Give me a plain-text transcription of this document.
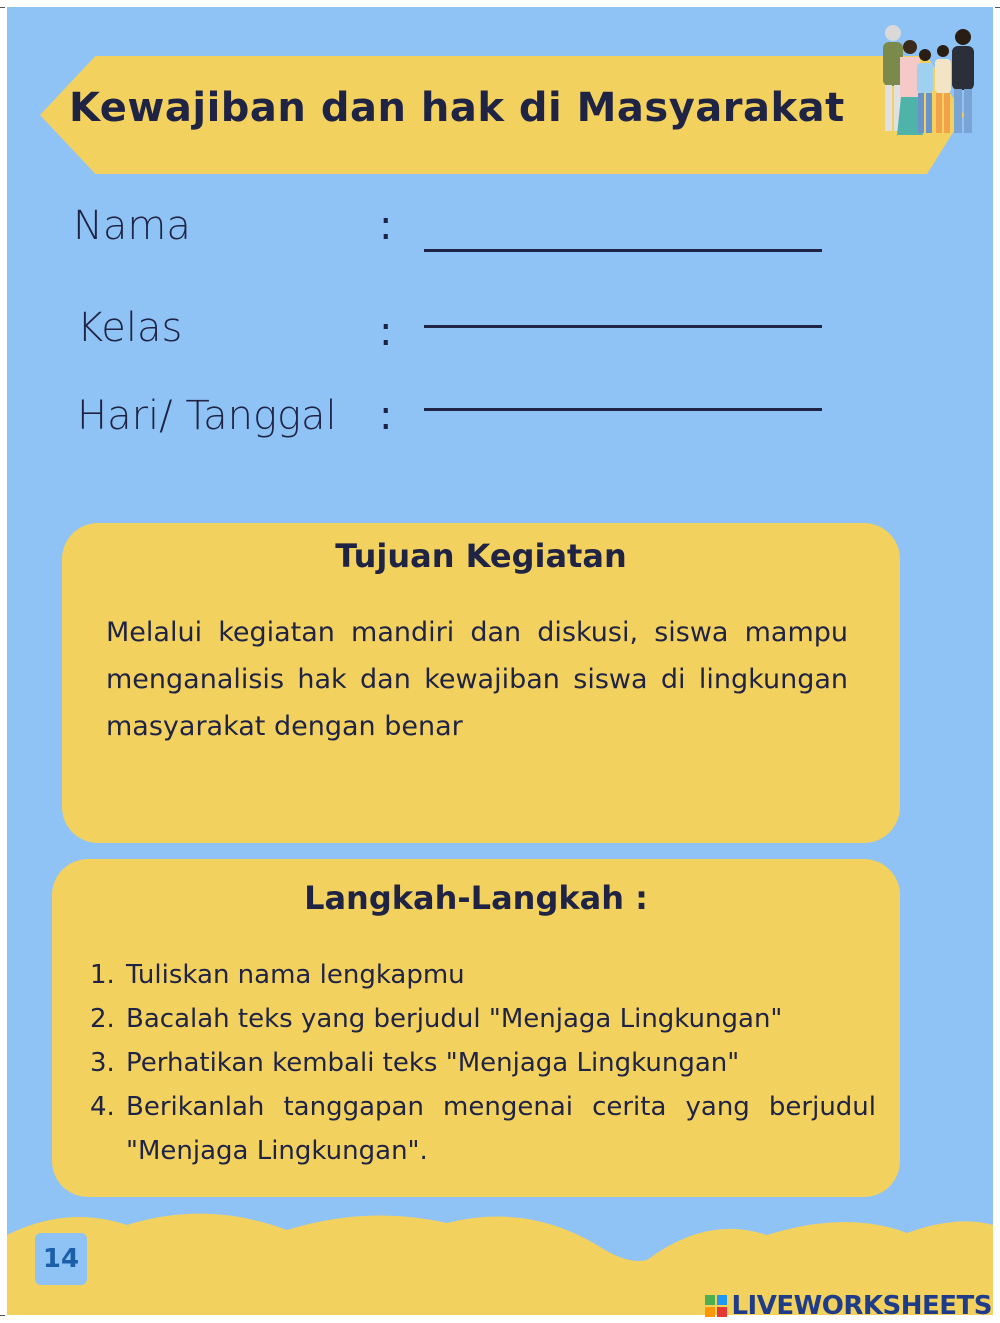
Kewajiban dan hak di Masyarakat
Nama	:
Kelas	:
Hari/ Tanggal :
Tujuan Kegiatan
Melalui kegiatan mandiri dan diskusi, siswa mampu menganalisis hak dan kewajiban siswa di lingkungan masyarakat dengan benar
Langkah-Langkah :
1. Tuliskan nama lengkapmu
2. Bacalah teks yang berjudul "Menjaga Lingkungan"
3. Perhatikan kembali teks "Menjaga Lingkungan"
4. Berikanlah tanggapan mengenai cerita yang berjudul "Menjaga Lingkungan".
14
LIVEWORKSHEETS
